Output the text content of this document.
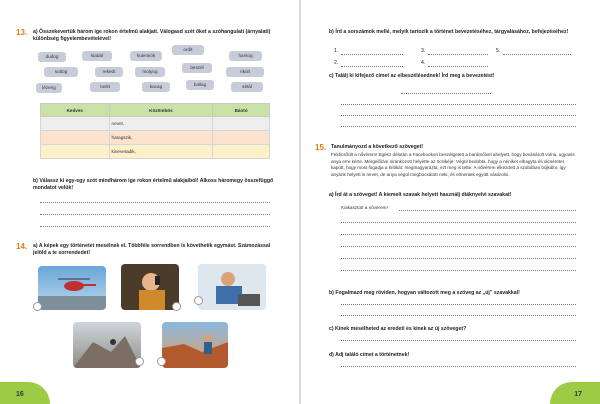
13. a) Összekevertük három ige rokon értelmű alakjait. Válogasd szét őket a szóhangulati (árnyalati) különbség figyelembevételével!
dudog	kiabál	hulemiók
ordít
harsog
suttog	rekedt	motyog
beszél
rikolt
lézeng	üvölt	kacag	ballag	sétál
Kedves	Közömbös	Bántó
	nevet,	
	haragszik,	
	kinevetadik,	
b) Válassz ki egy-egy szót mindhárom ige rokon értelmű alakjaiból! Alkoss háromegy összefüggő mondatot velük!
14. a) A képek egy történetet mesélnek el. Többféle sorrendben is követhetik egymást. Számozással jelöld a te sorrendedet!
16
b) Írd a sorszámok mellé, melyik tartozik a történet bevezetéséhez, tárgyalásához, befejezéséhez!
1.	3.	5.
2.	4.
c) Találj ki kifejező címet az elbeszélésednek! Írd meg a bevezetést!
15. Tanulmányozd a következő szöveget!
Feldicsőült a nővérem! Egész délután a Facebookon beszélgetett a barátnőivel ahelyett, hogy bevásárolt volna, ugyanis anya erre kérte. Mérgelődve siránkozott helyette az öcsikéje. Végül bedobta, hogy a néniket elhagyta és dicséretet kapott, hogy most fogadja a kritikát: megmagyarázta, ezt meg is tette. A nővérem elkezdett a szobában bújkálni, így anyánk helyett is nevet, de anya végül megbocsátott neki, és elmentek együtt vásárolni.
a) Írd át a szöveget! A kiemelt szavak helyett használj diáknyelvi szavakat!
Kiakasztott a nővérem!
b) Fogalmazd meg röviden, hogyan változott meg a szöveg az „új” szavakkal!
c) Kinek mesélheted az eredeti és kinek az új szöveget?
d) Adj találó címet a történetnek!
17
